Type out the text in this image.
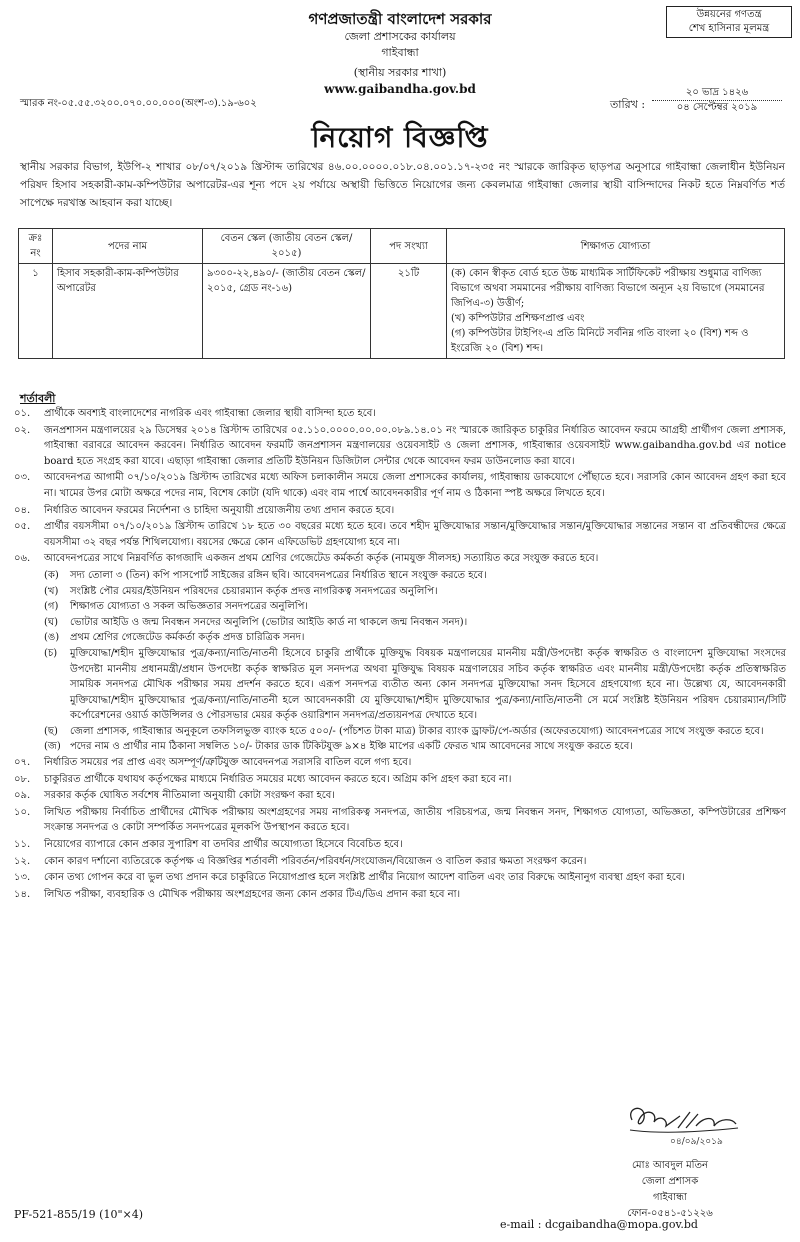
উন্নয়নের গণতন্ত্র
শেখ হাসিনার মূলমন্ত্র
গণপ্রজাতন্ত্রী বাংলাদেশ সরকার
জেলা প্রশাসকের কার্যালয়
গাইবান্ধা
(স্থানীয় সরকার শাখা)
www.gaibandha.gov.bd
স্মারক নং-০৫.৫৫.৩২০০.০৭০.০০.০০০(অংশ-৩).১৯-৬০২	তারিখ :
২০ ভাদ্র ১৪২৬
০৪ সেপ্টেম্বর ২০১৯
নিয়োগ বিজ্ঞপ্তি
স্থানীয় সরকার বিভাগ, ইউপি-২ শাখার ০৮/০৭/২০১৯ খ্রিস্টাব্দ তারিখের ৪৬.০০.০০০০.০১৮.০৪.০০১.১৭-২৩৫ নং স্মারকে জারিকৃত ছাড়পত্র অনুসারে গাইবান্ধা জেলাধীন ইউনিয়ন পরিষদ হিসাব সহকারী-কাম-কম্পিউটার অপারেটর-এর শূন্য পদে ২য় পর্যায়ে অস্থায়ী ভিত্তিতে নিয়োগের জন্য কেবলমাত্র গাইবান্ধা জেলার স্থায়ী বাসিন্দাদের নিকট হতে নিম্নবর্ণিত শর্ত সাপেক্ষে দরখাস্ত আহবান করা যাচ্ছে।
ক্রঃ নং	পদের নাম	বেতন স্কেল (জাতীয় বেতন স্কেল/২০১৫)	পদ সংখ্যা	শিক্ষাগত যোগ্যতা
১	হিসাব সহকারী-কাম-কম্পিউটার অপারেটর	৯৩০০-২২,৪৯০/- (জাতীয় বেতন স্কেল/২০১৫, গ্রেড নং-১৬)	২১টি	(ক) কোন স্বীকৃত বোর্ড হতে উচ্চ মাধ্যমিক সার্টিফিকেট পরীক্ষায় শুধুমাত্র বাণিজ্য বিভাগে অথবা সমমানের পরীক্ষায় বাণিজ্য বিভাগে অন্যূন ২য় বিভাগে (সমমানের জিপিএ-৩) উত্তীর্ণ;
(খ) কম্পিউটার প্রশিক্ষণপ্রাপ্ত এবং
(গ) কম্পিউটার টাইপিং-এ প্রতি মিনিটে সর্বনিম্ন গতি বাংলা ২০ (বিশ) শব্দ ও ইংরেজি ২০ (বিশ) শব্দ।
শর্তাবলী
০১.	প্রার্থীকে অবশ্যই বাংলাদেশের নাগরিক এবং গাইবান্ধা জেলার স্থায়ী বাসিন্দা হতে হবে।
০২.	জনপ্রশাসন মন্ত্রণালয়ের ২৯ ডিসেম্বর ২০১৪ খ্রিস্টাব্দ তারিখের ০৫.১১০.০০০০.০০.০০.০৮৯.১৪.০১ নং স্মারকে জারিকৃত চাকুরির নির্ধারিত আবেদন ফরমে আগ্রহী প্রার্থীগণ জেলা প্রশাসক, গাইবান্ধা বরাবরে আবেদন করবেন। নির্ধারিত আবেদন ফরমটি জনপ্রশাসন মন্ত্রণালয়ের ওয়েবসাইট ও জেলা প্রশাসক, গাইবান্ধার ওয়েবসাইট www.gaibandha.gov.bd এর notice board হতে সংগ্রহ করা যাবে। এছাড়া গাইবান্ধা জেলার প্রতিটি ইউনিয়ন ডিজিটাল সেন্টার থেকে আবেদন ফরম ডাউনলোড করা যাবে।
০৩.	আবেদনপত্র আগামী ০৭/১০/২০১৯ খ্রিস্টাব্দ তারিখের মধ্যে অফিস চলাকালীন সময়ে জেলা প্রশাসকের কার্যালয়, গাইবান্ধায় ডাকযোগে পৌঁছাতে হবে। সরাসরি কোন আবেদন গ্রহণ করা হবে না। খামের উপর মোটা অক্ষরে পদের নাম, বিশেষ কোটা (যদি থাকে) এবং বাম পার্শ্বে আবেদনকারীর পূর্ণ নাম ও ঠিকানা স্পষ্ট অক্ষরে লিখতে হবে।
০৪.	নির্ধারিত আবেদন ফরমের নির্দেশনা ও চাহিদা অনুযায়ী প্রয়োজনীয় তথ্য প্রদান করতে হবে।
০৫.	প্রার্থীর বয়সসীমা ০৭/১০/২০১৯ খ্রিস্টাব্দ তারিখে ১৮ হতে ৩০ বছরের মধ্যে হতে হবে। তবে শহীদ মুক্তিযোদ্ধার সন্তান/মুক্তিযোদ্ধার সন্তান/মুক্তিযোদ্ধার সন্তানের সন্তান বা প্রতিবন্ধীদের ক্ষেত্রে বয়সসীমা ৩২ বছর পর্যন্ত শিথিলযোগ্য। বয়সের ক্ষেত্রে কোন এফিডেভিট গ্রহণযোগ্য হবে না।
০৬.	আবেদনপত্রের সাথে নিম্নবর্ণিত কাগজাদি একজন প্রথম শ্রেণির গেজেটেড কর্মকর্তা কর্তৃক (নামযুক্ত সীলসহ) সত্যায়িত করে সংযুক্ত করতে হবে।
(ক)	সদ্য তোলা ৩ (তিন) কপি পাসপোর্ট সাইজের রঙ্গিন ছবি। আবেদনপত্রের নির্ধারিত স্থানে সংযুক্ত করতে হবে।
(খ)	সংশ্লিষ্ট পৌর মেয়র/ইউনিয়ন পরিষদের চেয়ারম্যান কর্তৃক প্রদত্ত নাগরিকত্ব সনদপত্রের অনুলিপি।
(গ)	শিক্ষাগত যোগ্যতা ও সকল অভিজ্ঞতার সনদপত্রের অনুলিপি।
(ঘ)	ভোটার আইডি ও জন্ম নিবন্ধন সনদের অনুলিপি (ভোটার আইডি কার্ড না থাকলে জন্ম নিবন্ধন সনদ)।
(ঙ)	প্রথম শ্রেণির গেজেটেড কর্মকর্তা কর্তৃক প্রদত্ত চারিত্রিক সনদ।
(চ)	মুক্তিযোদ্ধা/শহীদ মুক্তিযোদ্ধার পুত্র/কন্যা/নাতি/নাতনী হিসেবে চাকুরি প্রার্থীকে মুক্তিযুদ্ধ বিষয়ক মন্ত্রণালয়ের মাননীয় মন্ত্রী/উপদেষ্টা কর্তৃক স্বাক্ষরিত ও বাংলাদেশ মুক্তিযোদ্ধা সংসদের উপদেষ্টা মাননীয় প্রধানমন্ত্রী/প্রধান উপদেষ্টা কর্তৃক স্বাক্ষরিত মূল সনদপত্র অথবা মুক্তিযুদ্ধ বিষয়ক মন্ত্রণালয়ের সচিব কর্তৃক স্বাক্ষরিত এবং মাননীয় মন্ত্রী/উপদেষ্টা কর্তৃক প্রতিস্বাক্ষরিত সাময়িক সনদপত্র মৌখিক পরীক্ষার সময় প্রদর্শন করতে হবে। এরূপ সনদপত্র ব্যতীত অন্য কোন সনদপত্র মুক্তিযোদ্ধা সনদ হিসেবে গ্রহণযোগ্য হবে না। উল্লেখ্য যে, আবেদনকারী মুক্তিযোদ্ধা/শহীদ মুক্তিযোদ্ধার পুত্র/কন্যা/নাতি/নাতনী হলে আবেদনকারী যে মুক্তিযোদ্ধা/শহীদ মুক্তিযোদ্ধার পুত্র/কন্যা/নাতি/নাতনী সে মর্মে সংশ্লিষ্ট ইউনিয়ন পরিষদ চেয়ারম্যান/সিটি কর্পোরেশনের ওয়ার্ড কাউন্সিলর ও পৌরসভার মেয়র কর্তৃক ওয়ারিশান সনদপত্র/প্রত্যয়নপত্র দেখাতে হবে।
(ছ)	জেলা প্রশাসক, গাইবান্ধার অনুকূলে তফসিলভুক্ত ব্যাংক হতে ৫০০/- (পাঁচশত টাকা মাত্র) টাকার ব্যাংক ড্রাফট/পে-অর্ডার (অফেরতযোগ্য) আবেদনপত্রের সাথে সংযুক্ত করতে হবে।
(জ) পদের নাম ও প্রার্থীর নাম ঠিকানা সম্বলিত ১০/- টাকার ডাক টিকিটযুক্ত ৯×৪ ইঞ্চি মাপের একটি ফেরত খাম আবেদনের সাথে সংযুক্ত করতে হবে।
০৭.	নির্ধারিত সময়ের পর প্রাপ্ত এবং অসম্পূর্ণ/ত্রুটিযুক্ত আবেদনপত্র সরাসরি বাতিল বলে গণ্য হবে।
০৮.	চাকুরিরত প্রার্থীকে যথাযথ কর্তৃপক্ষের মাধ্যমে নির্ধারিত সময়ের মধ্যে আবেদন করতে হবে। অগ্রিম কপি গ্রহণ করা হবে না।
০৯.	সরকার কর্তৃক ঘোষিত সর্বশেষ নীতিমালা অনুযায়ী কোটা সংরক্ষণ করা হবে।
১০.	লিখিত পরীক্ষায় নির্বাচিত প্রার্থীদের মৌখিক পরীক্ষায় অংশগ্রহণের সময় নাগরিকত্ব সনদপত্র, জাতীয় পরিচয়পত্র, জন্ম নিবন্ধন সনদ, শিক্ষাগত যোগ্যতা, অভিজ্ঞতা, কম্পিউটারের প্রশিক্ষণ সংক্রান্ত সনদপত্র ও কোটা সম্পর্কিত সনদপত্রের মূলকপি উপস্থাপন করতে হবে।
১১.	নিয়োগের ব্যাপারে কোন প্রকার সুপারিশ বা তদবির প্রার্থীর অযোগ্যতা হিসেবে বিবেচিত হবে।
১২.	কোন কারণ দর্শানো ব্যতিরেকে কর্তৃপক্ষ এ বিজ্ঞপ্তির শর্তাবলী পরিবর্তন/পরিবর্ধন/সংযোজন/বিয়োজন ও বাতিল করার ক্ষমতা সংরক্ষণ করেন।
১৩.	কোন তথ্য গোপন করে বা ভুল তথ্য প্রদান করে চাকুরিতে নিয়োগপ্রাপ্ত হলে সংশ্লিষ্ট প্রার্থীর নিয়োগ আদেশ বাতিল এবং তার বিরুদ্ধে আইনানুগ ব্যবস্থা গ্রহণ করা হবে।
১৪.	লিখিত পরীক্ষা, ব্যবহারিক ও মৌখিক পরীক্ষায় অংশগ্রহণের জন্য কোন প্রকার টিএ/ডিএ প্রদান করা হবে না।
০৪/০৯/২০১৯
মোঃ আবদুল মতিন
জেলা প্রশাসক
গাইবান্ধা
ফোন-০৫৪১-৫১২২৬
PF-521-855/19 (10"×4)
e-mail : dcgaibandha@mopa.gov.bd
